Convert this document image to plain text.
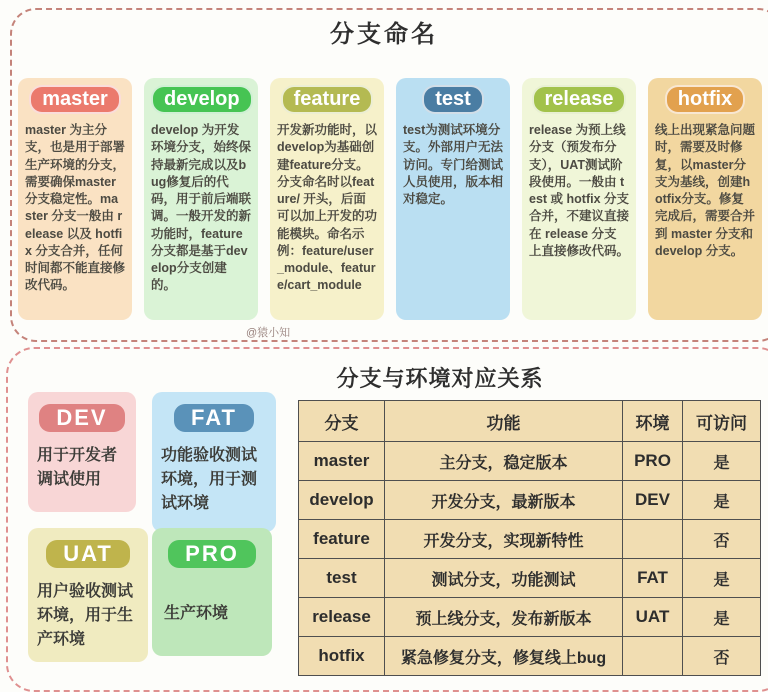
分支命名
master
master 为主分支，也是用于部署生产环境的分支，需要确保master分支稳定性。master 分支一般由 release 以及 hotfix 分支合并，任何时间都不能直接修改代码。
develop
develop 为开发环境分支，始终保持最新完成以及bug修复后的代码，用于前后端联调。一般开发的新功能时，feature分支都是基于develop分支创建的。
feature
开发新功能时，以develop为基础创建feature分支。分支命名时以feature/ 开头，后面可以加上开发的功能模块。命名示例：feature/user_module、feature/cart_module
test
test为测试环境分支。外部用户无法访问。专门给测试人员使用，版本相对稳定。
release
release 为预上线分支（预发布分支），UAT测试阶段使用。一般由 test 或 hotfix 分支合并，不建议直接在 release 分支上直接修改代码。
hotfix
线上出现紧急问题时，需要及时修复，以master分支为基线，创建hotfix分支。修复完成后，需要合并到 master 分支和 develop 分支。
@猿小知
分支与环境对应关系
DEV
用于开发者调试使用
FAT
功能验收测试环境，用于测试环境
UAT
用户验收测试环境，用于生产环境
PRO
生产环境
分支	功能	环境	可访问
master	主分支，稳定版本	PRO	是
develop	开发分支，最新版本	DEV	是
feature	开发分支，实现新特性		否
test	测试分支，功能测试	FAT	是
release	预上线分支，发布新版本	UAT	是
hotfix	紧急修复分支，修复线上bug		否
